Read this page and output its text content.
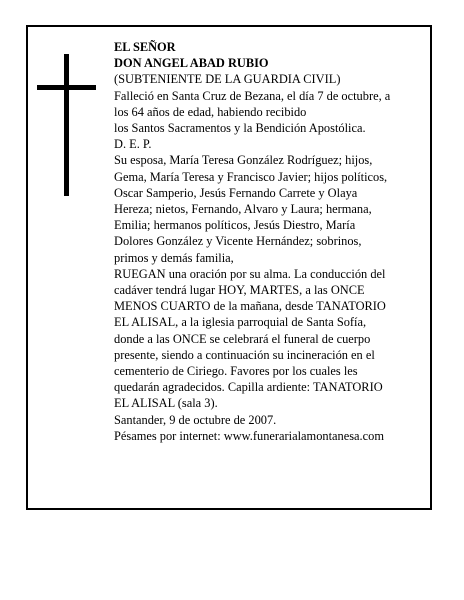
EL SEÑOR
DON ANGEL ABAD RUBIO
(SUBTENIENTE DE LA GUARDIA CIVIL)
Falleció en Santa Cruz de Bezana, el día 7 de octubre, a
los 64 años de edad, habiendo recibido
los Santos Sacramentos y la Bendición Apostólica.
D. E. P.
Su esposa, María Teresa González Rodríguez; hijos,
Gema, María Teresa y Francisco Javier; hijos políticos,
Oscar Samperio, Jesús Fernando Carrete y Olaya
Hereza; nietos, Fernando, Alvaro y Laura; hermana,
Emilia; hermanos políticos, Jesús Diestro, María
Dolores González y Vicente Hernández; sobrinos,
primos y demás familia,
RUEGAN una oración por su alma. La conducción del
cadáver tendrá lugar HOY, MARTES, a las ONCE
MENOS CUARTO de la mañana, desde TANATORIO
EL ALISAL, a la iglesia parroquial de Santa Sofía,
donde a las ONCE se celebrará el funeral de cuerpo
presente, siendo a continuación su incineración en el
cementerio de Ciriego. Favores por los cuales les
quedarán agradecidos. Capilla ardiente: TANATORIO
EL ALISAL (sala 3).
Santander, 9 de octubre de 2007.
Pésames por internet: www.funerarialamontanesa.com
